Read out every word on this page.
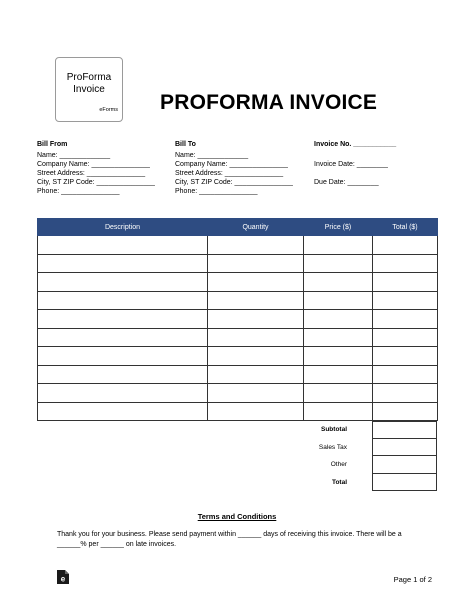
ProForma
Invoice
eForms PROFORMA INVOICE
Bill From
Name: _____________
Company Name: _______________
Street Address: _______________
City, ST ZIP Code: _______________
Phone: _______________
Bill To
Name: _____________
Company Name: _______________
Street Address: _______________
City, ST ZIP Code: _______________
Phone: _______________
Invoice No. ___________
Invoice Date: ________
Due Date: ________
Description	Quantity	Price ($)	Total ($)

Subtotal
Sales Tax
Other
Total
Terms and Conditions
Thank you for your business. Please send payment within ______ days of receiving this invoice. There will be a ______% per ______ on late invoices.
e	Page 1 of 2
